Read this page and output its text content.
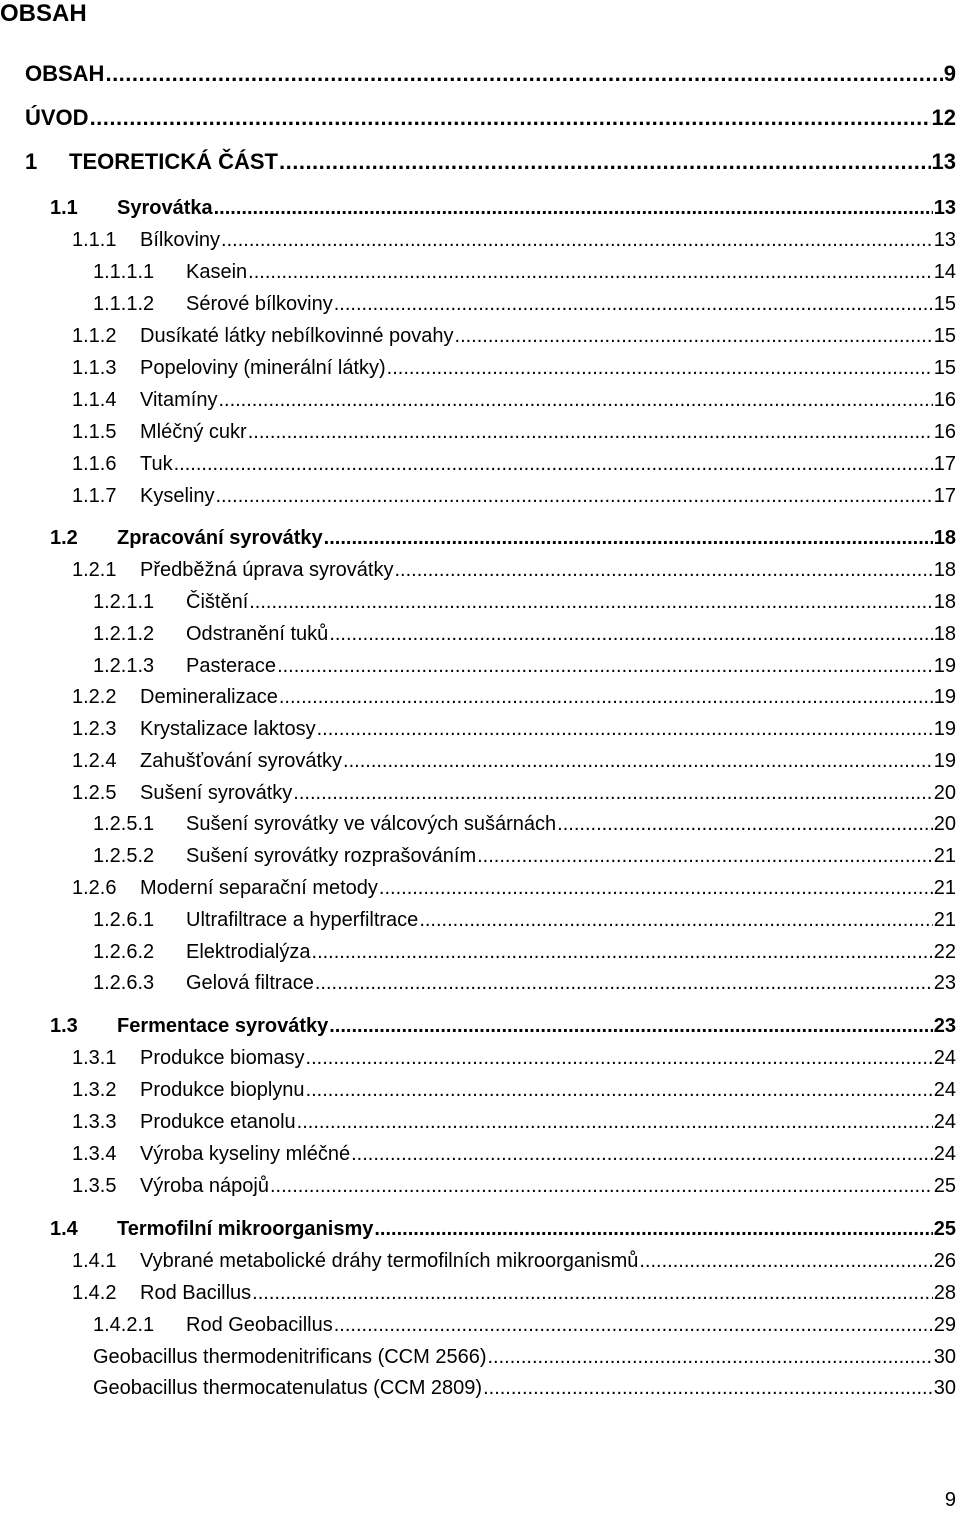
OBSAH
OBSAH .....	9
ÚVOD .....	12
1	TEORETICKÁ ČÁST .....	13
1.1	Syrovátka .....	13
1.1.1	Bílkoviny .....	13
1.1.1.1	Kasein .....	14
1.1.1.2	Sérové bílkoviny .....	15
1.1.2	Dusíkaté látky nebílkovinné povahy .....	15
1.1.3	Popeloviny (minerální látky) .....	15
1.1.4	Vitamíny .....	16
1.1.5	Mléčný cukr .....	16
1.1.6	Tuk .....	17
1.1.7	Kyseliny .....	17
1.2	Zpracování syrovátky .....	18
1.2.1	Předběžná úprava syrovátky .....	18
1.2.1.1	Čištění .....	18
1.2.1.2	Odstranění tuků .....	18
1.2.1.3	Pasterace .....	19
1.2.2	Demineralizace .....	19
1.2.3	Krystalizace laktosy .....	19
1.2.4	Zahušťování syrovátky .....	19
1.2.5	Sušení syrovátky .....	20
1.2.5.1	Sušení syrovátky ve válcových sušárnách .....	20
1.2.5.2	Sušení syrovátky rozprašováním .....	21
1.2.6	Moderní separační metody .....	21
1.2.6.1	Ultrafiltrace a hyperfiltrace .....	21
1.2.6.2	Elektrodialýza .....	22
1.2.6.3	Gelová filtrace .....	23
1.3	Fermentace syrovátky .....	23
1.3.1	Produkce biomasy .....	24
1.3.2	Produkce bioplynu .....	24
1.3.3	Produkce etanolu .....	24
1.3.4	Výroba kyseliny mléčné .....	24
1.3.5	Výroba nápojů .....	25
1.4	Termofilní mikroorganismy .....	25
1.4.1	Vybrané metabolické dráhy termofilních mikroorganismů .....	26
1.4.2	Rod Bacillus .....	28
1.4.2.1	Rod Geobacillus .....	29
Geobacillus thermodenitrificans (CCM 2566) .....	30
Geobacillus thermocatenulatus (CCM 2809) .....	30
9
